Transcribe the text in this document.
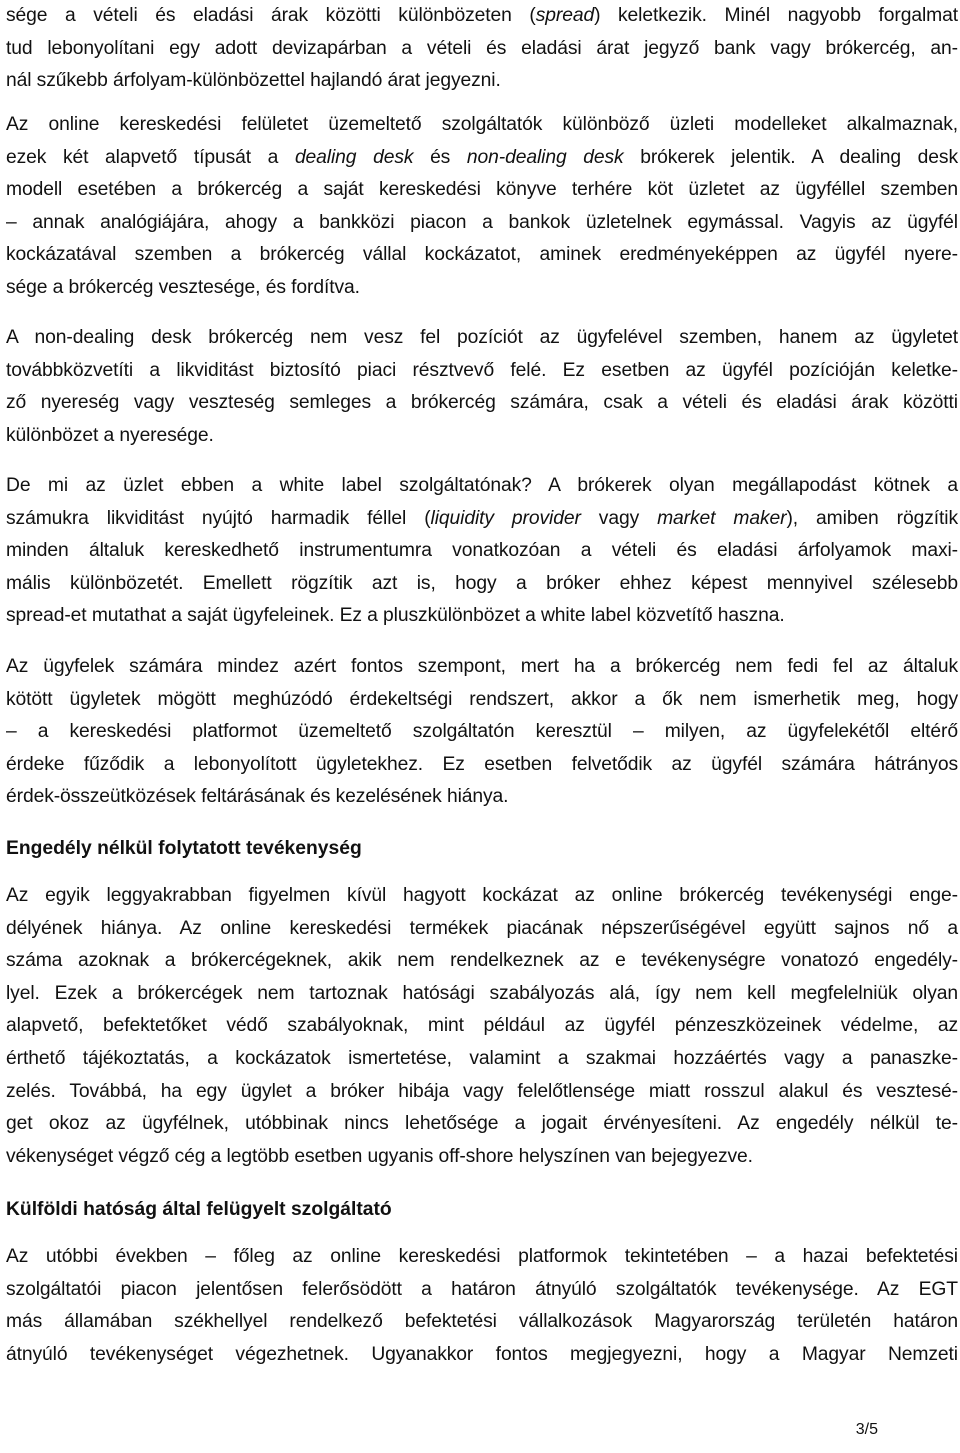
sége a vételi és eladási árak közötti különbözeten (spread) keletkezik. Minél nagyobb forgalmat
tud lebonyolítani egy adott devizapárban a vételi és eladási árat jegyző bank vagy brókercég, an-
nál szűkebb árfolyam-különbözettel hajlandó árat jegyezni.
Az online kereskedési felületet üzemeltető szolgáltatók különböző üzleti modelleket alkalmaznak,
ezek két alapvető típusát a dealing desk és non-dealing desk brókerek jelentik. A dealing desk
modell esetében a brókercég a saját kereskedési könyve terhére köt üzletet az ügyféllel szemben
– annak analógiájára, ahogy a bankközi piacon a bankok üzletelnek egymással. Vagyis az ügyfél
kockázatával szemben a brókercég vállal kockázatot, aminek eredményeképpen az ügyfél nyere-
sége a brókercég vesztesége, és fordítva.
A non-dealing desk brókercég nem vesz fel pozíciót az ügyfelével szemben, hanem az ügyletet
továbbközvetíti a likviditást biztosító piaci résztvevő felé. Ez esetben az ügyfél pozícióján keletke-
ző nyereség vagy veszteség semleges a brókercég számára, csak a vételi és eladási árak közötti
különbözet a nyeresége.
De mi az üzlet ebben a white label szolgáltatónak? A brókerek olyan megállapodást kötnek a
számukra likviditást nyújtó harmadik féllel (liquidity provider vagy market maker), amiben rögzítik
minden általuk kereskedhető instrumentumra vonatkozóan a vételi és eladási árfolyamok maxi-
mális különbözetét. Emellett rögzítik azt is, hogy a bróker ehhez képest mennyivel szélesebb
spread-et mutathat a saját ügyfeleinek. Ez a pluszkülönbözet a white label közvetítő haszna.
Az ügyfelek számára mindez azért fontos szempont, mert ha a brókercég nem fedi fel az általuk
kötött ügyletek mögött meghúzódó érdekeltségi rendszert, akkor a ők nem ismerhetik meg, hogy
– a kereskedési platformot üzemeltető szolgáltatón keresztül – milyen, az ügyfelekétől eltérő
érdeke fűződik a lebonyolított ügyletekhez. Ez esetben felvetődik az ügyfél számára hátrányos
érdek-összeütközések feltárásának és kezelésének hiánya.
Engedély nélkül folytatott tevékenység
Az egyik leggyakrabban figyelmen kívül hagyott kockázat az online brókercég tevékenységi enge-
délyének hiánya. Az online kereskedési termékek piacának népszerűségével együtt sajnos nő a
száma azoknak a brókercégeknek, akik nem rendelkeznek az e tevékenységre vonatozó engedély-
lyel. Ezek a brókercégek nem tartoznak hatósági szabályozás alá, így nem kell megfelelniük olyan
alapvető, befektetőket védő szabályoknak, mint például az ügyfél pénzeszközeinek védelme, az
érthető tájékoztatás, a kockázatok ismertetése, valamint a szakmai hozzáértés vagy a panaszke-
zelés. Továbbá, ha egy ügylet a bróker hibája vagy felelőtlensége miatt rosszul alakul és vesztesé-
get okoz az ügyfélnek, utóbbinak nincs lehetősége a jogait érvényesíteni. Az engedély nélkül te-
vékenységet végző cég a legtöbb esetben ugyanis off-shore helyszínen van bejegyezve.
Külföldi hatóság által felügyelt szolgáltató
Az utóbbi években – főleg az online kereskedési platformok tekintetében – a hazai befektetési
szolgáltatói piacon jelentősen felerősödött a határon átnyúló szolgáltatók tevékenysége. Az EGT
más államában székhellyel rendelkező befektetési vállalkozások Magyarország területén határon
átnyúló tevékenységet végezhetnek. Ugyanakkor fontos megjegyezni, hogy a Magyar Nemzeti
3/5
